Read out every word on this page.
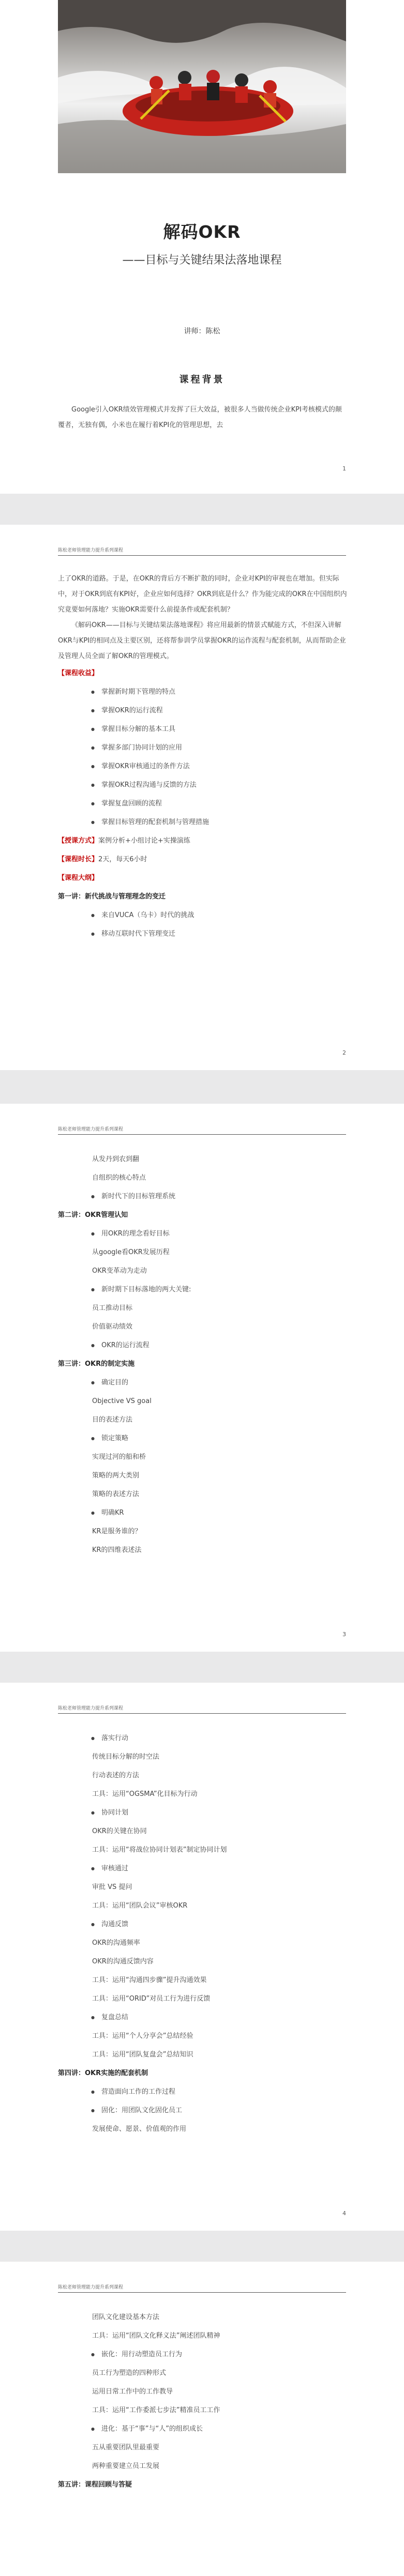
解码OKR
——目标与关键结果法落地课程
讲师：陈松
课程背景

Google引入OKR绩效管理模式并发挥了巨大效益，被很多人当做传统企业KPI考核模式的颠覆者，无独有偶，小米也在履行着KPI化的管理思想，去

1
陈松老师管理能力提升系列课程

上了OKR的道路。于是，在OKR的背后方不断扩散的同时，企业对KPI的审视也在增加。但实际中，对于OKR到底有KPI好，企业应如何选择？OKR到底是什么？作为能完成的OKR在中国组织内究竟要如何落地？实施OKR需要什么前提条件或配套机制？

《解码OKR——目标与关键结果法落地课程》将应用最新的情景式赋能方式，不但深入讲解OKR与KPI的相同点及主要区别，还将帮参训学员掌握OKR的运作流程与配套机制，从而帮助企业及管理人员全面了解OKR的管理模式。

【课程收益】

● 掌握新时期下管理的特点

● 掌握OKR的运行流程

● 掌握目标分解的基本工具

● 掌握多部门协同计划的应用

● 掌握OKR审核通过的条件方法

● 掌握OKR过程沟通与反馈的方法

● 掌握复盘回顾的流程

● 掌握目标管理的配套机制与管理措施

【授课方式】案例分析+小组讨论+实操演练

【课程时长】2天，每天6小时

【课程大纲】

第一讲：新代挑战与管理理念的变迁

● 来自VUCA（乌卡）时代的挑战

● 移动互联时代下管理变迁

2
陈松老师管理能力提升系列课程

从发丹到农到翻

自组织的核心特点

● 新时代下的目标管理系统

第二讲：OKR管理认知

● 用OKR的理念看好目标

从google看OKR发展历程

OKR变革动为走动

● 新时期下目标落地的两大关键:

员工推动目标

价值驱动绩效

● OKR的运行流程

第三讲：OKR的制定实施

● 确定目的

Objective VS goal

目的表述方法

● 锁定策略

实现过河的船和桥

策略的两大类别

策略的表述方法

● 明确KR

KR是服务谁的？

KR的四维表述法

3
陈松老师管理能力提升系列课程

● 落实行动

传统目标分解的时空法

行动表述的方法

工具：运用“OGSMA”化目标为行动

● 协同计划

OKR的关键在协同

工具：运用“将战位协同计划表”制定协同计划

● 审核通过

审批 VS 提问

工具：运用“团队会议”审核OKR

● 沟通反馈

OKR的沟通频率

OKR的沟通反馈内容

工具：运用“沟通四步骤”提升沟通效果

工具：运用“ORID”对员工行为进行反馈

● 复盘总结

工具：运用“个人分享会”总结经验

工具：运用“团队复盘会”总结知识

第四讲：OKR实施的配套机制

● 营造面向工作的工作过程

● 固化：用团队文化固化员工

发展使命、愿景、价值观的作用

4
陈松老师管理能力提升系列课程

团队文化建设基本方法

工具：运用“团队文化释义法”阐述团队精神

● 嵌化：用行动塑造员工行为

员工行为塑造的四种形式

运用日常工作中的工作教导

工具：运用“工作委派七步法”精准员工工作

● 进化：基于“事”与“人”的组织成长

五从重要团队里最重要

两种重要建立员工发展

第五讲：课程回顾与答疑
